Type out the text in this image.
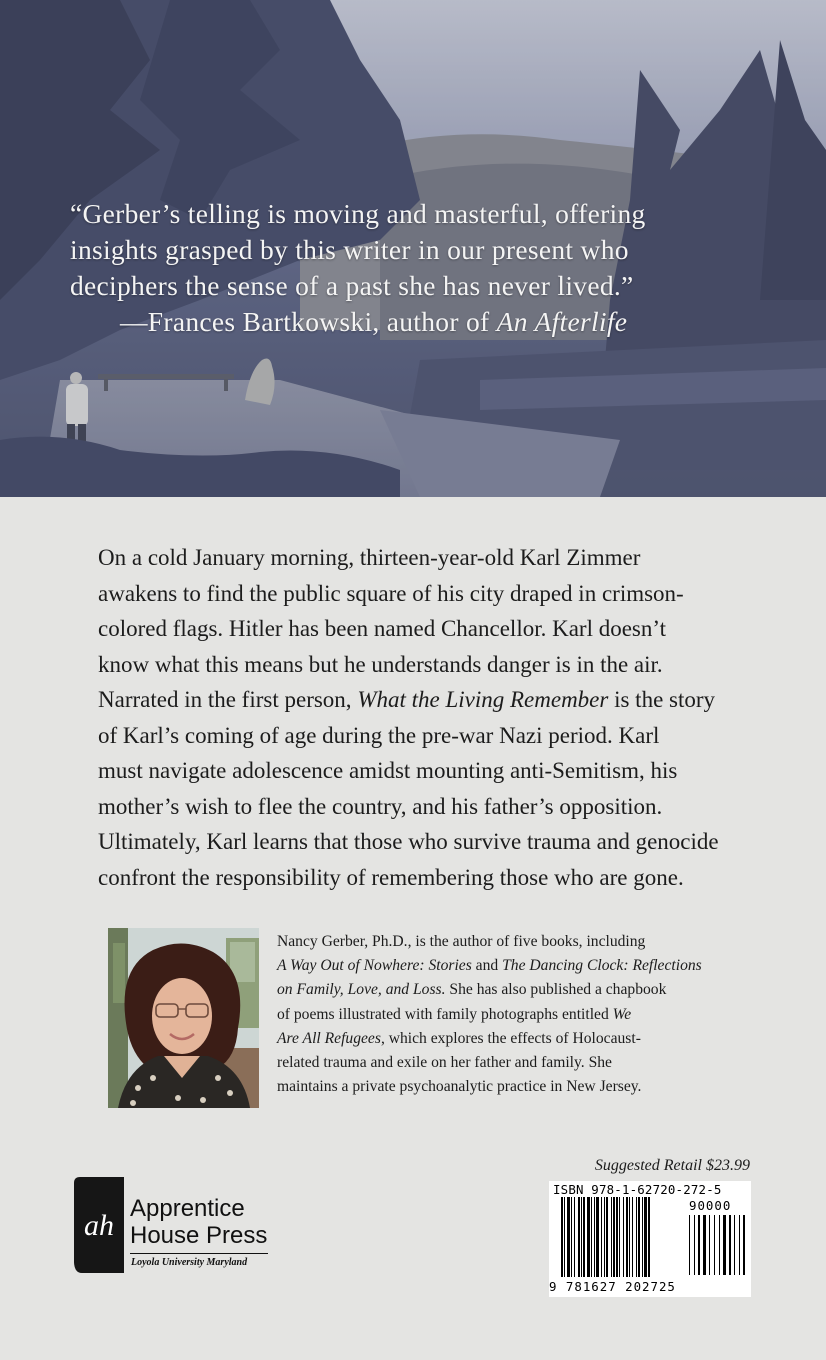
“Gerber’s telling is moving and masterful, offering
insights grasped by this writer in our present who
deciphers the sense of a past she has never lived.”
—Frances Bartkowski, author of An Afterlife
On a cold January morning, thirteen-year-old Karl Zimmer
awakens to find the public square of his city draped in crimson-
colored flags. Hitler has been named Chancellor. Karl doesn’t
know what this means but he understands danger is in the air.
Narrated in the first person, What the Living Remember is the story
of Karl’s coming of age during the pre-war Nazi period. Karl
must navigate adolescence amidst mounting anti-Semitism, his
mother’s wish to flee the country, and his father’s opposition.
Ultimately, Karl learns that those who survive trauma and genocide
confront the responsibility of remembering those who are gone.
Nancy Gerber, Ph.D., is the author of five books, including
A Way Out of Nowhere: Stories and The Dancing Clock: Reflections
on Family, Love, and Loss. She has also published a chapbook
of poems illustrated with family photographs entitled We
Are All Refugees, which explores the effects of Holocaust-
related trauma and exile on her father and family. She
maintains a private psychoanalytic practice in New Jersey.
ah
Apprentice
House Press
Loyola University Maryland
Suggested Retail $23.99
ISBN 978-1-62720-272-5
90000
9 781627 202725
